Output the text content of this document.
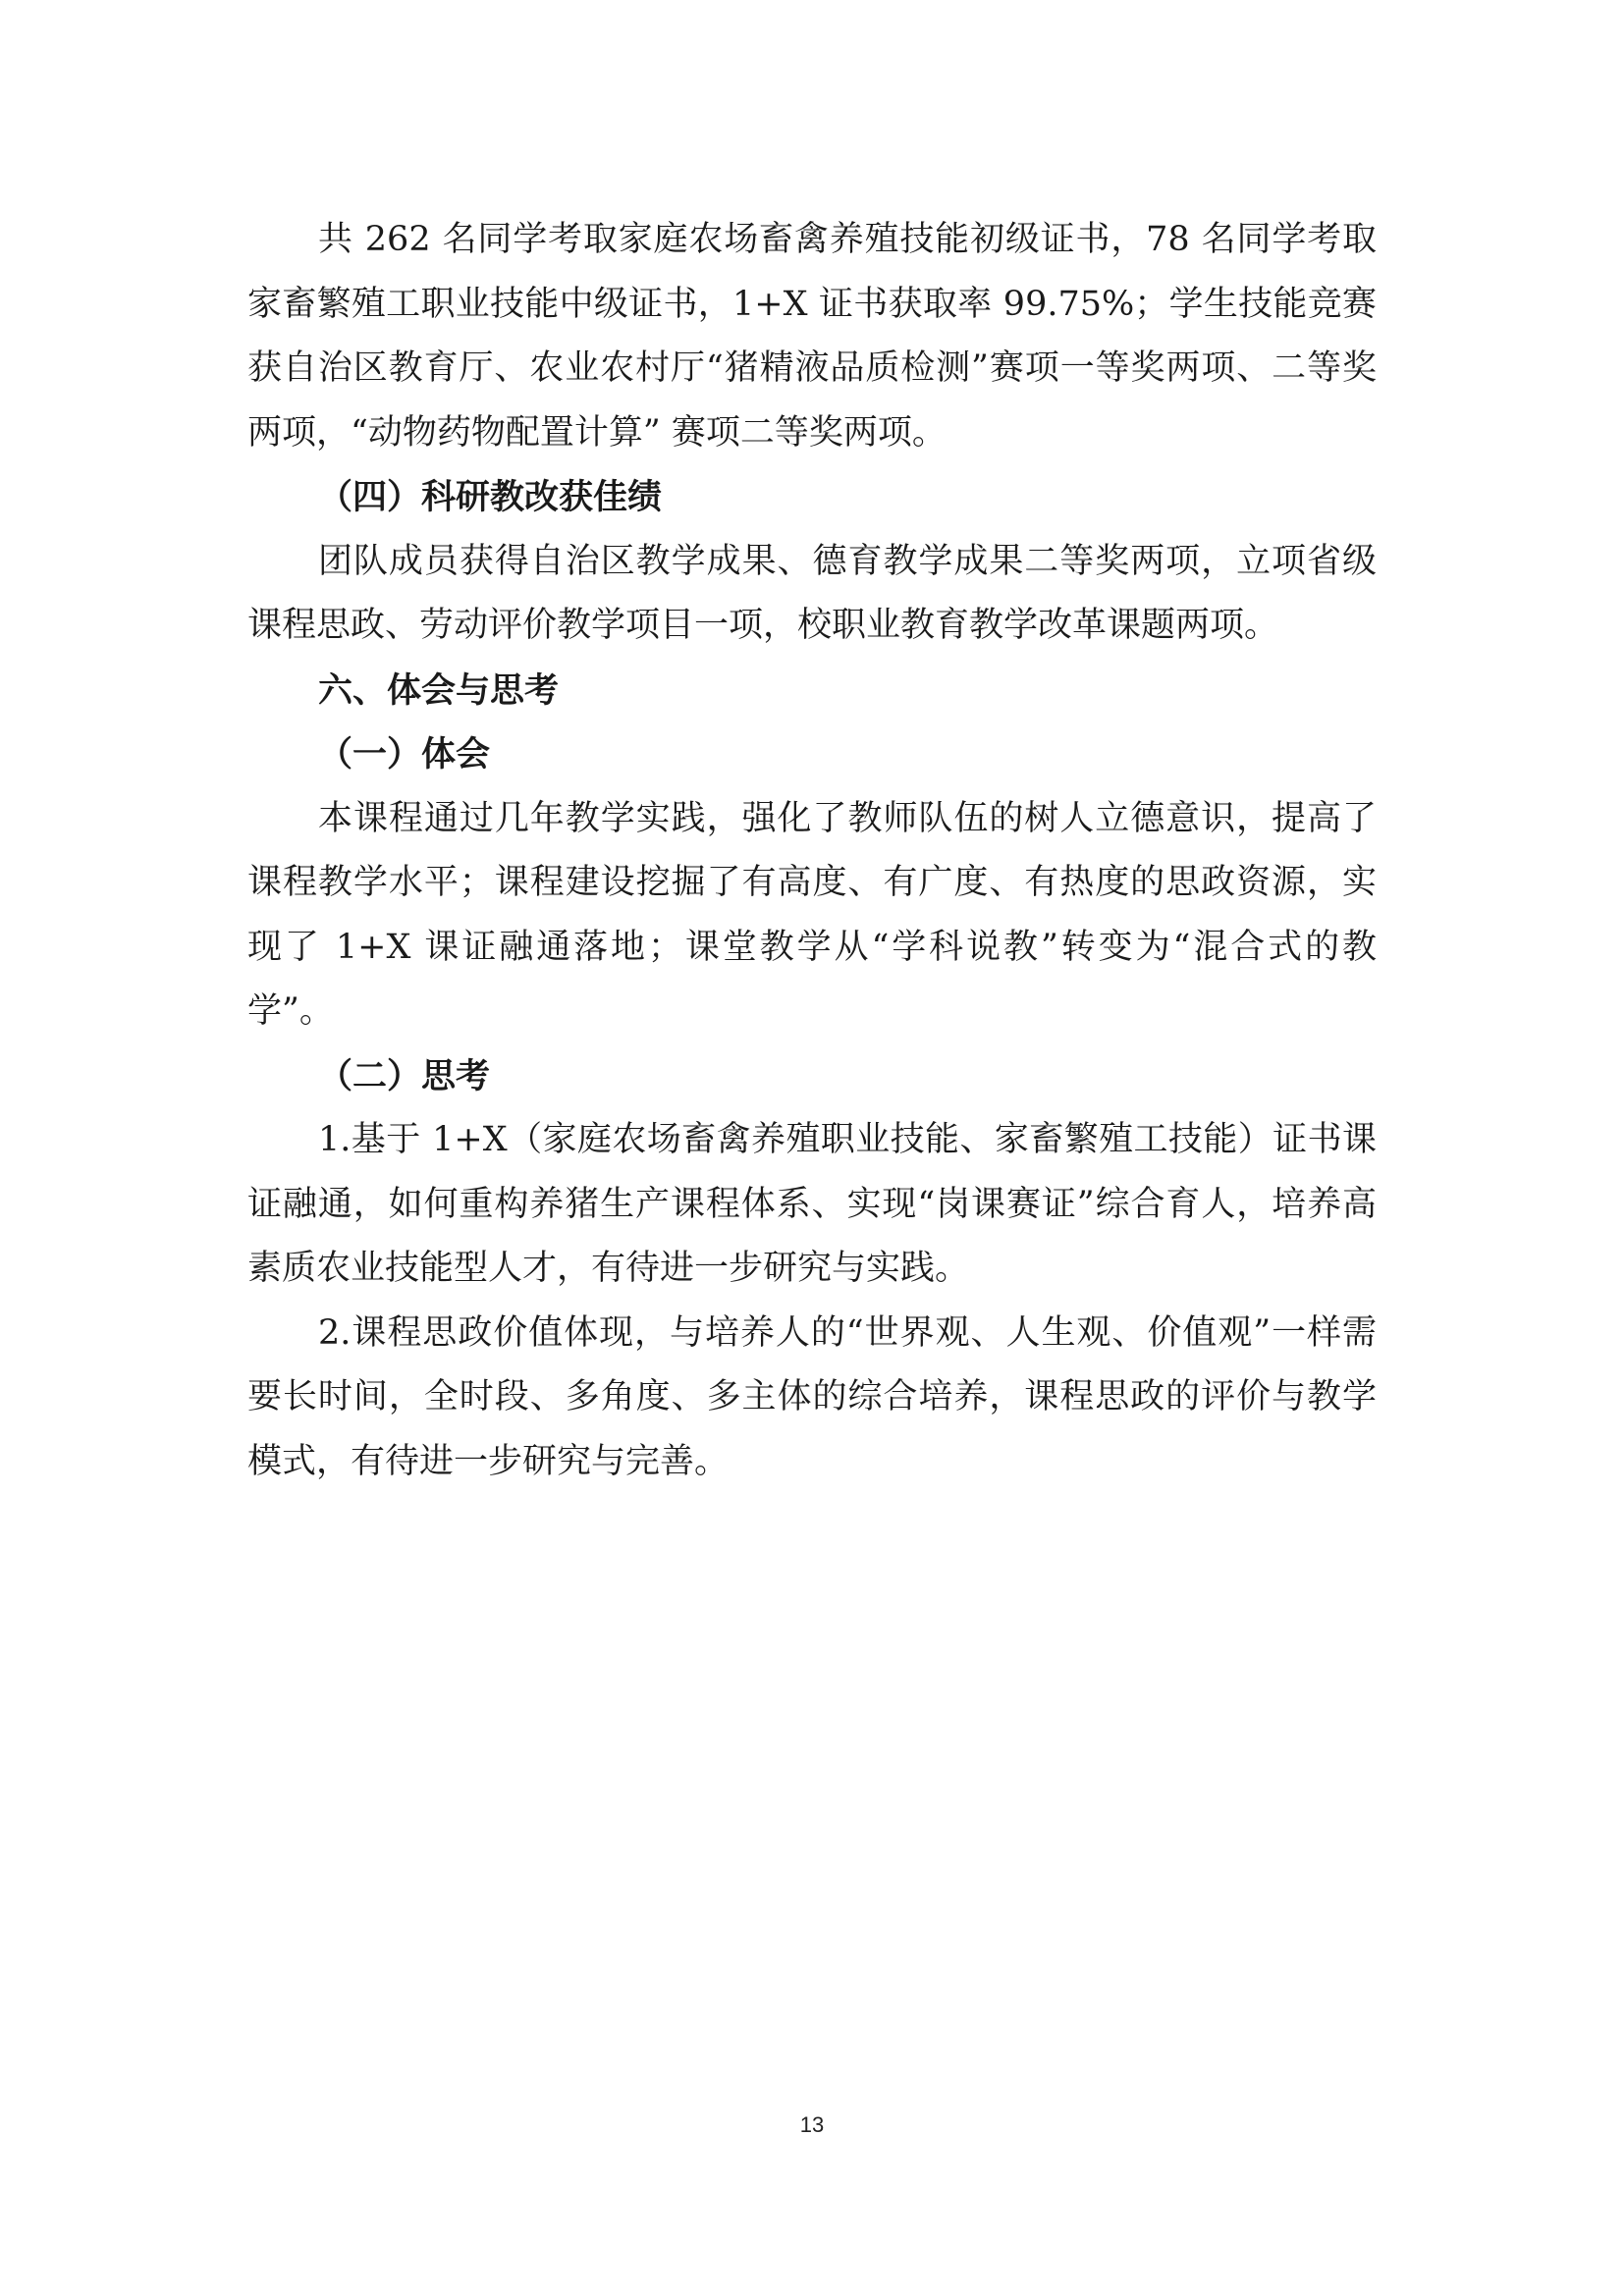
共 262 名同学考取家庭农场畜禽养殖技能初级证书，78 名同学考取家畜繁殖工职业技能中级证书，1+X 证书获取率 99.75%；学生技能竞赛获自治区教育厅、农业农村厅“猪精液品质检测”赛项一等奖两项、二等奖两项，“动物药物配置计算” 赛项二等奖两项。

（四）科研教改获佳绩

团队成员获得自治区教学成果、德育教学成果二等奖两项，立项省级课程思政、劳动评价教学项目一项，校职业教育教学改革课题两项。

六、体会与思考

（一）体会

本课程通过几年教学实践，强化了教师队伍的树人立德意识，提高了课程教学水平；课程建设挖掘了有高度、有广度、有热度的思政资源，实现了 1+X 课证融通落地；课堂教学从“学科说教”转变为“混合式的教学”。

（二）思考

1.基于 1+X（家庭农场畜禽养殖职业技能、家畜繁殖工技能）证书课证融通，如何重构养猪生产课程体系、实现“岗课赛证”综合育人，培养高素质农业技能型人才，有待进一步研究与实践。

2.课程思政价值体现，与培养人的“世界观、人生观、价值观”一样需要长时间，全时段、多角度、多主体的综合培养，课程思政的评价与教学模式，有待进一步研究与完善。

13
